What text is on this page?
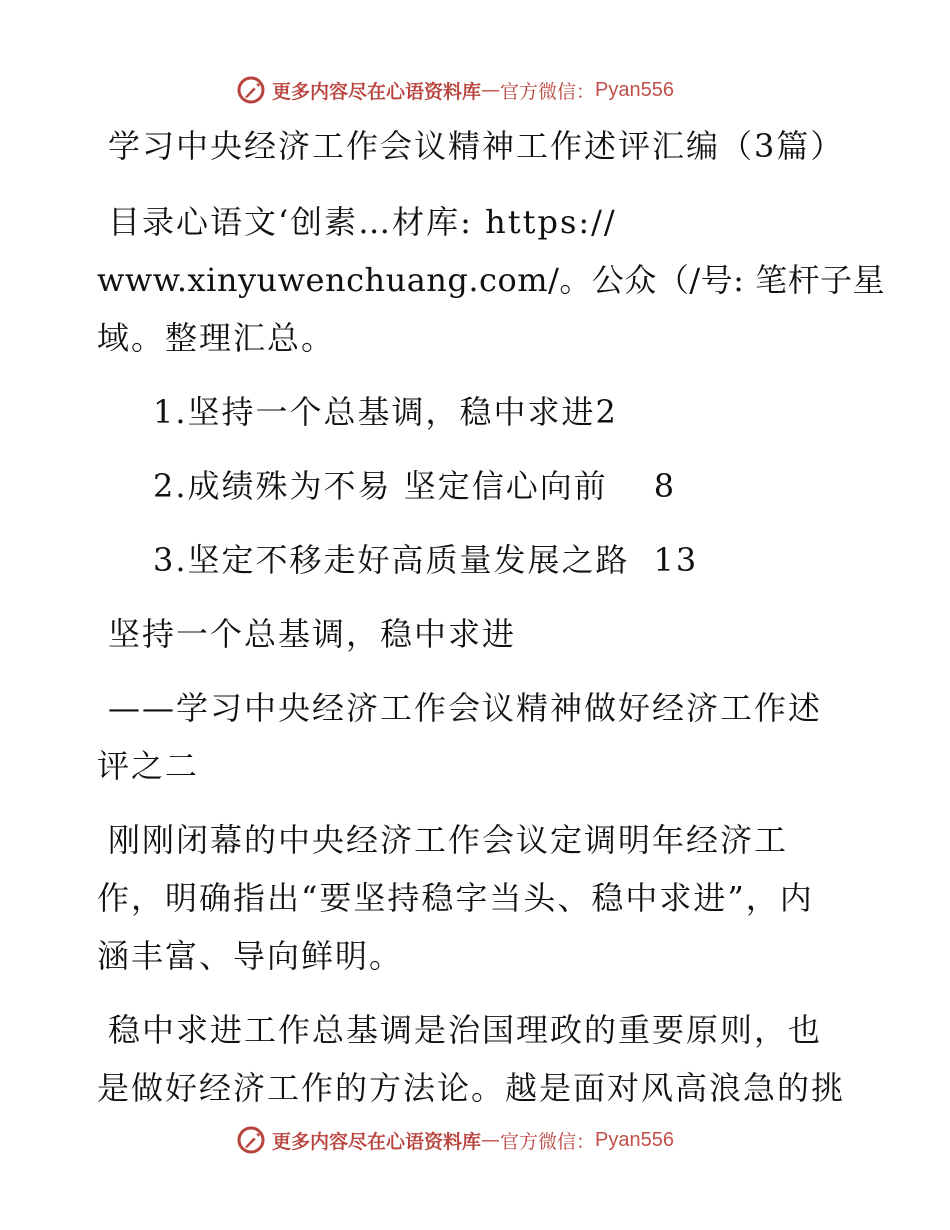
更多内容尽在心语资料库 — 官方微信： Pyan556
学习中央经济工作会议精神工作述评汇编（3篇）
目录心语文ʻ创素…材库: https://
www.xinyuwenchuang.com/。公众（/号: 笔杆子星
域。整理汇总。
1.坚持一个总基调，稳中求进2
2.成绩殊为不易 坚定信心向前 8
3.坚定不移走好高质量发展之路 13
坚持一个总基调，稳中求进
——学习中央经济工作会议精神做好经济工作述
评之二
刚刚闭幕的中央经济工作会议定调明年经济工
作，明确指出“要坚持稳字当头、稳中求进”，内
涵丰富、导向鲜明。
稳中求进工作总基调是治国理政的重要原则，也
是做好经济工作的方法论。越是面对风高浪急的挑
更多内容尽在心语资料库 — 官方微信： Pyan556
